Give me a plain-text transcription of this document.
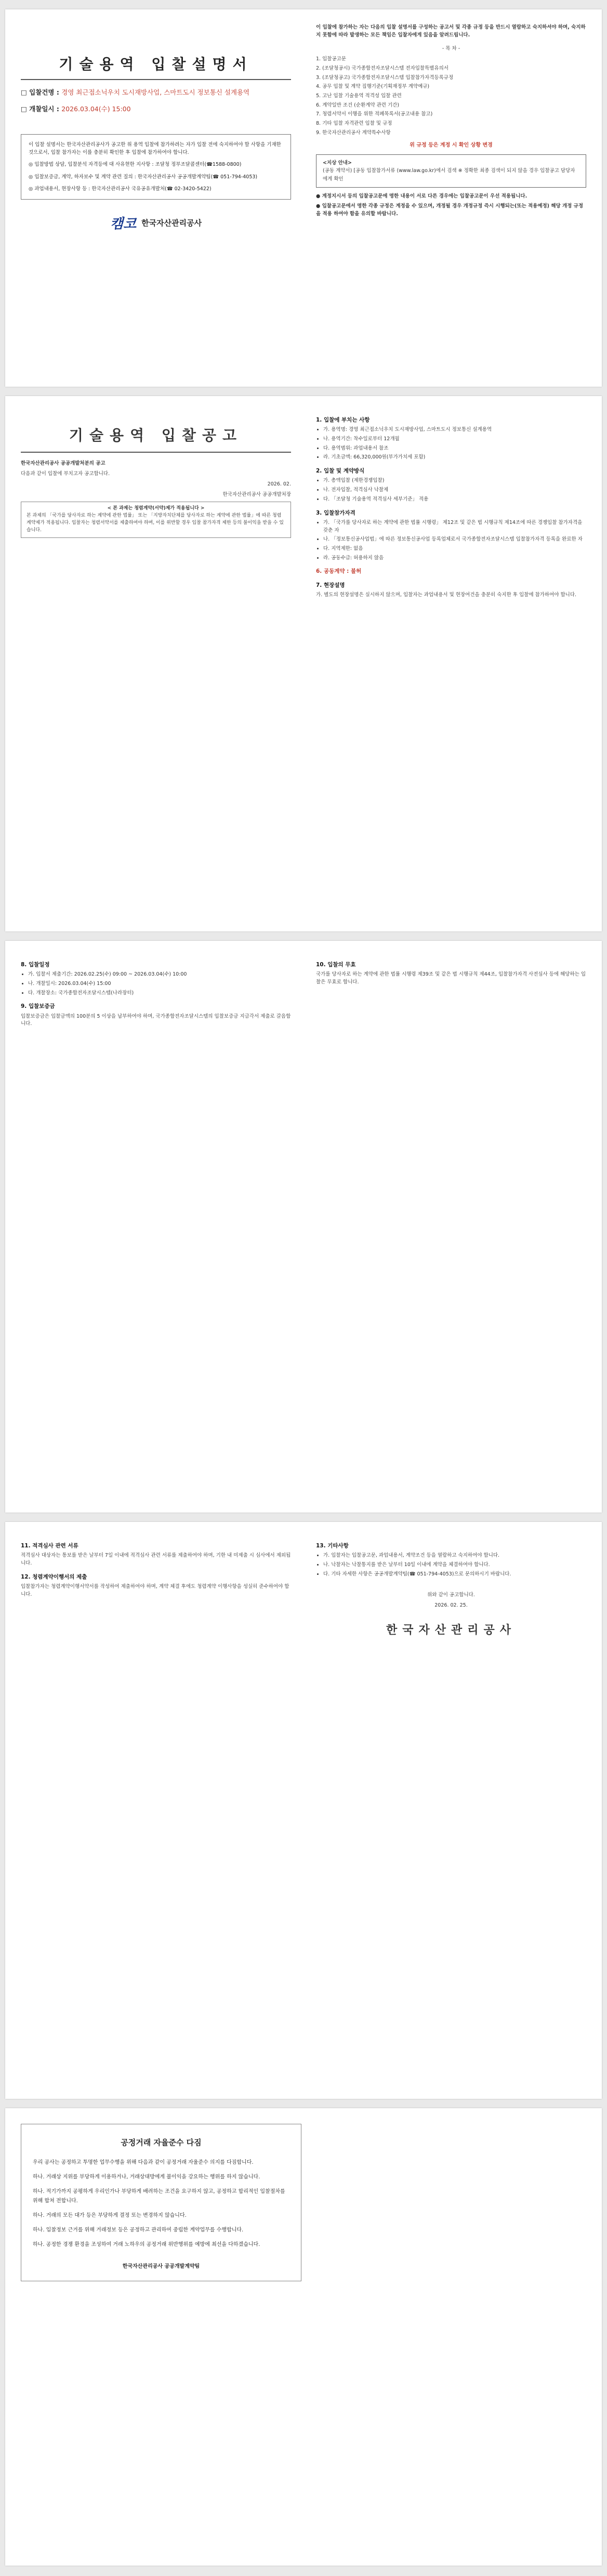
기술용역 입찰설명서
□ 입찰건명 : 경영 최근접소닉우치 도시재방사업, 스마트도시 정보통신 설계용역
□ 개찰일시 : 2026.03.04(수) 15:00
이 입찰 설명서는 한국자산관리공사가 공고한 위 용역 입찰에 참가하려는 자가 입찰 전에 숙지하여야 할 사항을 기재한 것으로서, 입찰 참가자는 이를 충분히 확인한 후 입찰에 참가하여야 합니다.
◎ 입찰방법 상담, 입찰분석 자격등에 대 사유현한 지사항 : 조달청 정부조달콜센터(☎1588-0800)
◎ 입찰보증금, 계약, 하자보수 및 계약 관련 질의 : 한국자산관리공사 공공개발계약팀(☎ 051-794-4053)
◎ 과업내용서, 현장사항 등 : 한국자산관리공사 국유공유개발처(☎ 02-3420-5422)
캠코 한국자산관리공사

이 입찰에 참가하는 자는 다음의 입찰 설명서를 구성하는 공고서 및 각종 규정 등을 반드시 열람하고 숙지하셔야 하며, 숙지하지 못함에 따라 발생하는 모든 책임은 입찰자에게 있음을 알려드립니다.

- 목 차 -

1. 입찰공고문

2. (조달청공시) 국가종합전자조달시스템 전자입찰특별유의서

3. (조달청공고) 국가종합전자조달시스템 입찰참가자격등록규정

4. 공무 입찰 및 계약 집행기준(기획재정부 계약예규)

5. 고난 입찰 기술용역 적격성 입찰 관련

6. 계약일반 조건 (순환계약 관련 기간)

7. 청렴서약서 이행을 위한 적폐목록서(공고내용 참고)

8. 기타 입찰 자격관련 입찰 및 규정

9. 한국자산관리공사 계약특수사항

위 규정 등은 계정 시 확인 상황 변경
<지상 안내>
(공동 계약서) [공동 입찰참가서류 (www.law.go.kr)에서 검색 ※ 정확한 최종 검색이 되지 않을 경우 입찰공고 담당자에게 확인

● 계정지시서 등의 입찰공고문에 명한 내용이 서로 다른 경우에는 입찰공고문이 우선 적용됩니다.

● 입찰공고문에서 명한 각종 규정은 계정을 수 있으며, 개정될 경우 개정규정 즉시 시행되는(또는 적용예정) 해당 개정 규정을 적용 하여야 함을 유의할 바랍니다.

기술용역 입찰공고

한국자산관리공사 공공개발처분의 공고

다음과 같이 입찰에 부치고자 공고합니다.

2026. 02.

한국자산관리공사 공공개발처장

< 본 과제는 청렴계약(서약)제가 적용됩니다 >
본 과제의 「국가를 당사자로 하는 계약에 관한 법률」 또는 「지방자치단체를 당사자로 하는 계약에 관한 법률」에 따른 청렴계약제가 적용됩니다. 입찰자는 청렴서약서를 제출하여야 하며, 이를 위반할 경우 입찰 참가자격 제한 등의 불이익을 받을 수 있습니다.
1. 입찰에 부치는 사항
• 가. 용역명: 경영 최근접소닉우치 도시재방사업, 스마트도시 정보통신 설계용역
• 나. 용역기간: 착수일로부터 12개월
• 다. 용역범위: 과업내용서 참조
• 라. 기초금액: 66,320,000원(부가가치세 포함)
2. 입찰 및 계약방식
• 가. 총액입찰 (제한경쟁입찰)
• 나. 전자입찰, 적격심사 낙찰제
• 다. 「조달청 기술용역 적격심사 세부기준」 적용
3. 입찰참가자격
• 가. 「국가를 당사자로 하는 계약에 관한 법률 시행령」 제12조 및 같은 법 시행규칙 제14조에 따른 경쟁입찰 참가자격을 갖춘 자
• 나. 「정보통신공사업법」에 따른 정보통신공사업 등록업체로서 국가종합전자조달시스템 입찰참가자격 등록을 완료한 자
• 다. 지역제한: 없음
• 라. 공동수급: 허용하지 않음
6. 공동계약 : 불허
7. 현장설명

가. 별도의 현장설명은 실시하지 않으며, 입찰자는 과업내용서 및 현장여건을 충분히 숙지한 후 입찰에 참가하여야 합니다.

8. 입찰일정
• 가. 입찰서 제출기간: 2026.02.25(수) 09:00 ~ 2026.03.04(수) 10:00
• 나. 개찰일시: 2026.03.04(수) 15:00
• 다. 개찰장소: 국가종합전자조달시스템(나라장터)
9. 입찰보증금

입찰보증금은 입찰금액의 100분의 5 이상을 납부하여야 하며, 국가종합전자조달시스템의 입찰보증금 지급각서 제출로 갈음합니다.

10. 입찰의 무효

국가를 당사자로 하는 계약에 관한 법률 시행령 제39조 및 같은 법 시행규칙 제44조, 입찰참가자격 사전심사 등에 해당하는 입찰은 무효로 합니다.

11. 적격심사 관련 서류

적격심사 대상자는 통보를 받은 날부터 7일 이내에 적격심사 관련 서류를 제출하여야 하며, 기한 내 미제출 시 심사에서 제외됩니다.

12. 청렴계약이행서의 제출

입찰참가자는 청렴계약이행서약서를 작성하여 제출하여야 하며, 계약 체결 후에도 청렴계약 이행사항을 성실히 준수하여야 합니다.

13. 기타사항
• 가. 입찰자는 입찰공고문, 과업내용서, 계약조건 등을 열람하고 숙지하여야 합니다.
• 나. 낙찰자는 낙찰통지를 받은 날부터 10일 이내에 계약을 체결하여야 합니다.
• 다. 기타 자세한 사항은 공공개발계약팀(☎ 051-794-4053)으로 문의하시기 바랍니다.

위와 같이 공고합니다.

2026. 02. 25.

한국자산관리공사
공정거래 자율준수 다짐

우리 공사는 공정하고 투명한 업무수행을 위해 다음과 같이 공정거래 자율준수 의지를 다짐합니다.

하나. 거래상 지위를 부당하게 이용하거나, 거래상대방에게 불이익을 강요하는 행위를 하지 않습니다.

하나. 적기가까지 공평하게 우리인가나 부당하게 배려하는 조건을 요구하지 않고, 공정하고 합리적인 입찰절차를 위해 합쳐 전합니다.

하나. 거래의 모든 대가 등은 부당하게 결정 또는 변경하지 않습니다.

하나. 입찰정보 근거를 위해 거래정보 등은 공정하고 관리하여 중립한 계약업무를 수행합니다.

하나. 공정한 경쟁 환경을 조성하여 거래 노하우의 공정거래 위반행위를 예방에 최선을 다하겠습니다.

한국자산관리공사 공공개발계약팀
